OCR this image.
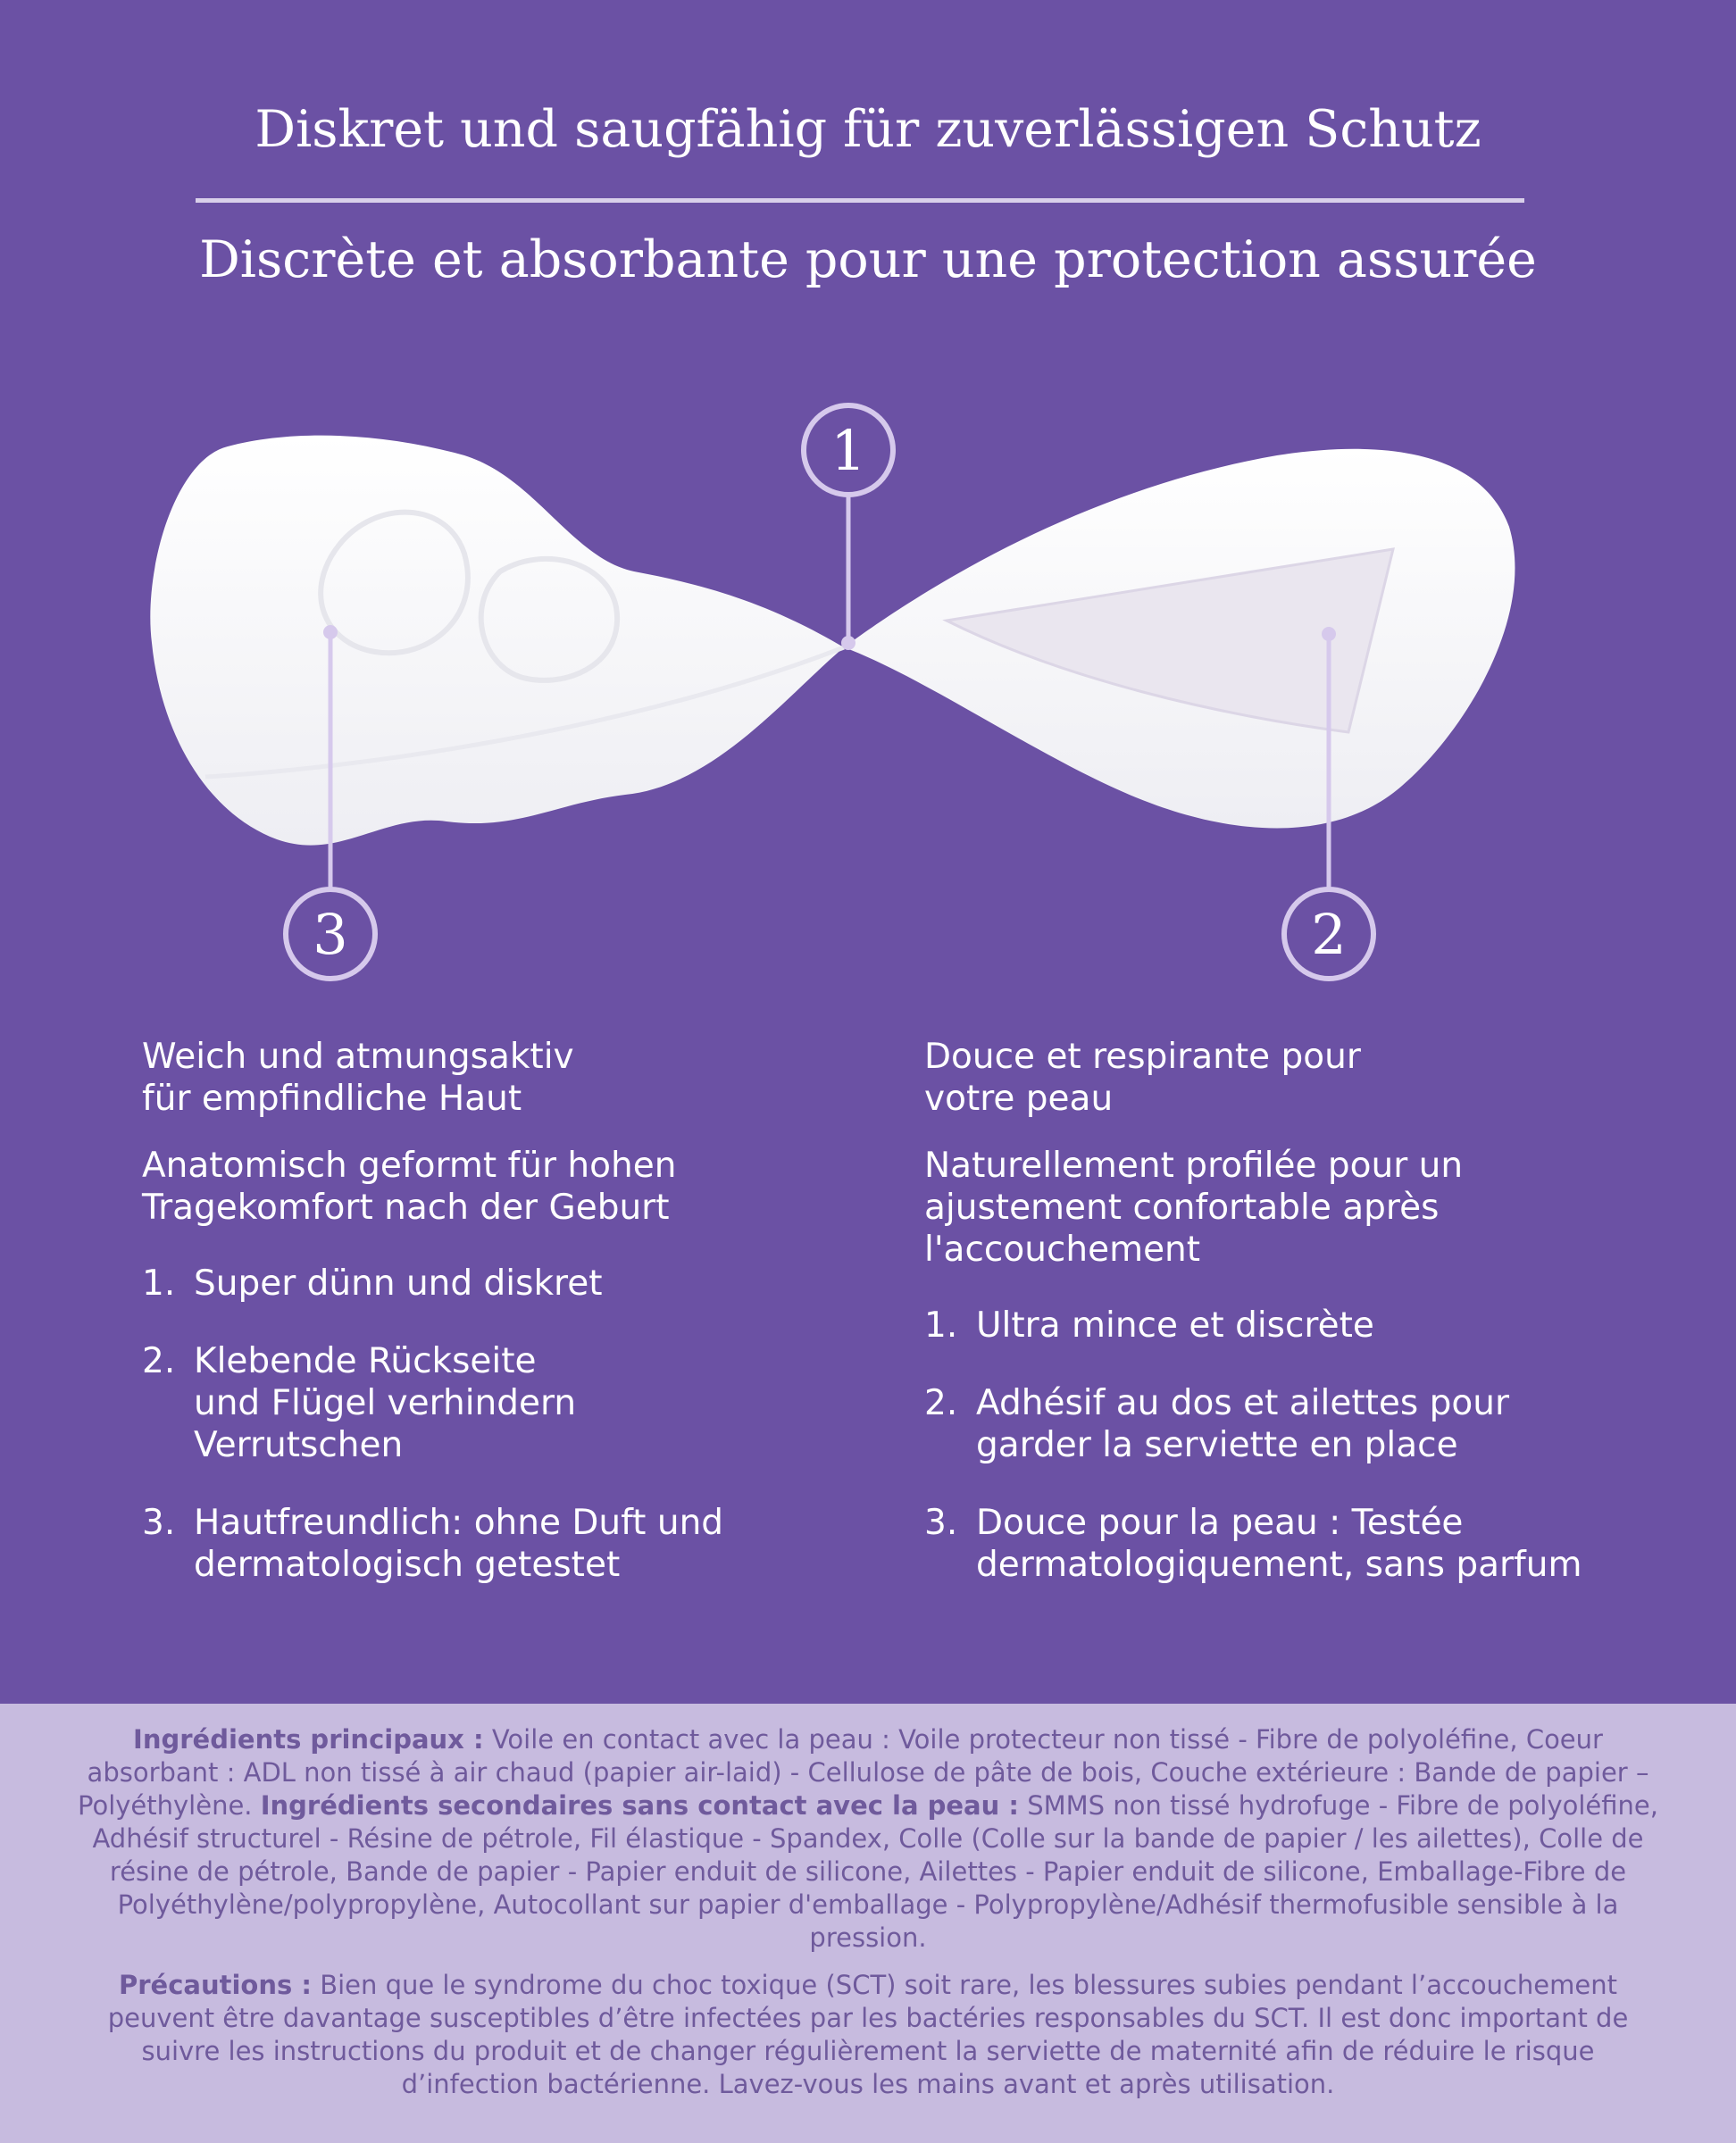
Diskret und saugfähig für zuverlässigen Schutz
Discrète et absorbante pour une protection assurée
1
2
3

Weich und atmungsaktiv
für empfindliche Haut

Anatomisch geformt für hohen
Tragekomfort nach der Geburt

1. Super dünn und diskret
2. Klebende Rückseite
und Flügel verhindern
Verrutschen
3. Hautfreundlich: ohne Duft und
dermatologisch getestet

Douce et respirante pour
votre peau

Naturellement profilée pour un
ajustement confortable après
l'accouchement

1. Ultra mince et discrète
2. Adhésif au dos et ailettes pour
garder la serviette en place
3. Douce pour la peau : Testée
dermatologiquement, sans parfum

Ingrédients principaux : Voile en contact avec la peau : Voile protecteur non tissé - Fibre de polyoléfine, Coeur absorbant : ADL non tissé à air chaud (papier air-laid) - Cellulose de pâte de bois, Couche extérieure : Bande de papier – Polyéthylène. Ingrédients secondaires sans contact avec la peau : SMMS non tissé hydrofuge - Fibre de polyoléfine, Adhésif structurel - Résine de pétrole, Fil élastique - Spandex, Colle (Colle sur la bande de papier / les ailettes), Colle de résine de pétrole, Bande de papier - Papier enduit de silicone, Ailettes - Papier enduit de silicone, Emballage-Fibre de Polyéthylène/polypropylène, Autocollant sur papier d'emballage - Polypropylène/Adhésif thermofusible sensible à la pression.

Précautions : Bien que le syndrome du choc toxique (SCT) soit rare, les blessures subies pendant l’accouchement peuvent être davantage susceptibles d’être infectées par les bactéries responsables du SCT. Il est donc important de suivre les instructions du produit et de changer régulièrement la serviette de maternité afin de réduire le risque d’infection bactérienne. Lavez-vous les mains avant et après utilisation.
